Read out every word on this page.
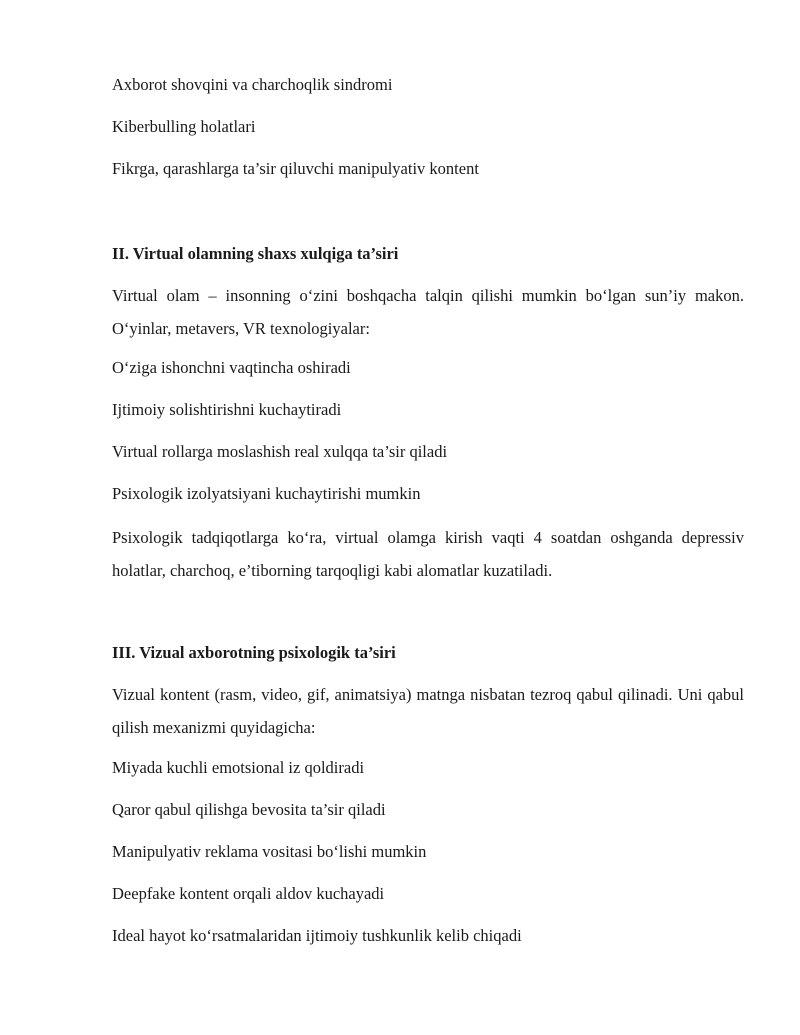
Axborot shovqini va charchoqlik sindromi
Kiberbulling holatlari
Fikrga, qarashlarga ta’sir qiluvchi manipulyativ kontent
II. Virtual olamning shaxs xulqiga ta’siri
Virtual olam – insonning o‘zini boshqacha talqin qilishi mumkin bo‘lgan sun’iy makon. O‘yinlar, metavers, VR texnologiyalar:
O‘ziga ishonchni vaqtincha oshiradi
Ijtimoiy solishtirishni kuchaytiradi
Virtual rollarga moslashish real xulqqa ta’sir qiladi
Psixologik izolyatsiyani kuchaytirishi mumkin
Psixologik tadqiqotlarga ko‘ra, virtual olamga kirish vaqti 4 soatdan oshganda depressiv holatlar, charchoq, e’tiborning tarqoqligi kabi alomatlar kuzatiladi.
III. Vizual axborotning psixologik ta’siri
Vizual kontent (rasm, video, gif, animatsiya) matnga nisbatan tezroq qabul qilinadi. Uni qabul qilish mexanizmi quyidagicha:
Miyada kuchli emotsional iz qoldiradi
Qaror qabul qilishga bevosita ta’sir qiladi
Manipulyativ reklama vositasi bo‘lishi mumkin
Deepfake kontent orqali aldov kuchayadi
Ideal hayot ko‘rsatmalaridan ijtimoiy tushkunlik kelib chiqadi
